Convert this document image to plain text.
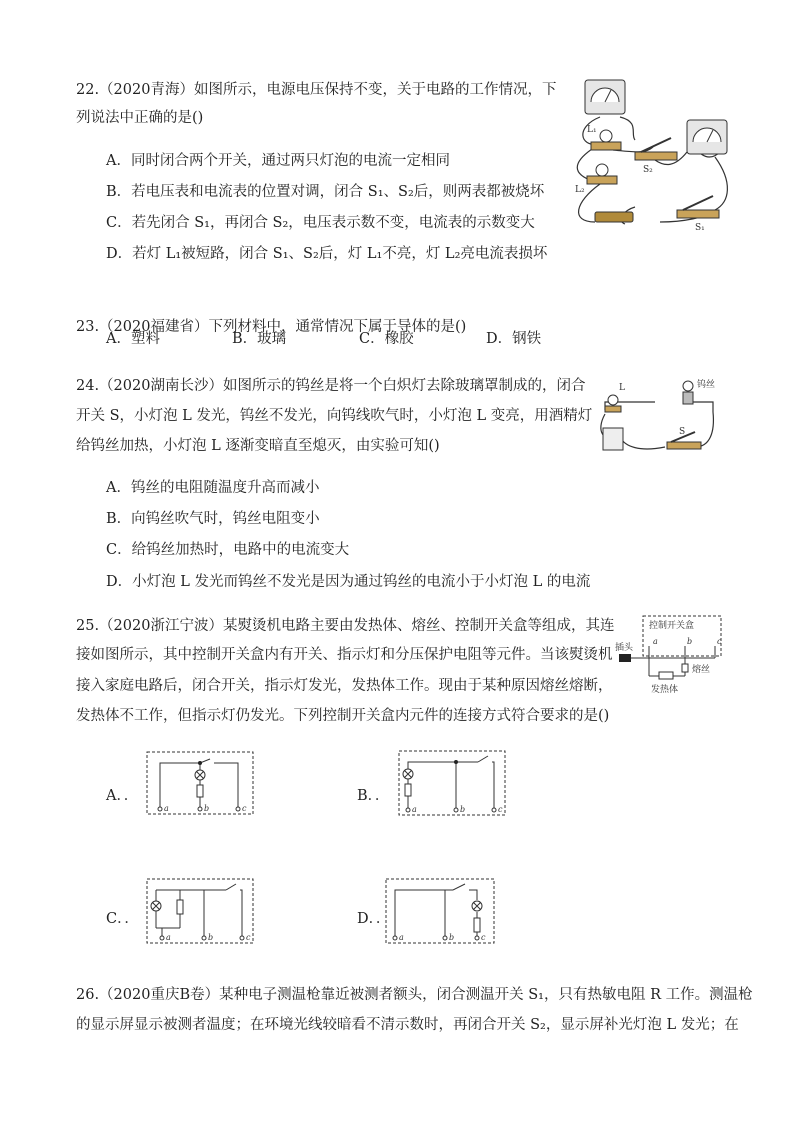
22.（2020青海）如图所示，电源电压保持不变，关于电路的工作情况，下
列说法中正确的是()
A．同时闭合两个开关，通过两只灯泡的电流一定相同
B．若电压表和电流表的位置对调，闭合 S₁、S₂后，则两表都被烧坏
C．若先闭合 S₁，再闭合 S₂，电压表示数不变，电流表的示数变大
D．若灯 L₁被短路，闭合 S₁、S₂后，灯 L₁不亮，灯 L₂亮电流表损坏
L₁
L₂
S₂
S₁
23.（2020福建省）下列材料中，通常情况下属于导体的是()
A．塑料	B．玻璃	C．橡胶	D．钢铁
24.（2020湖南长沙）如图所示的钨丝是将一个白炽灯去除玻璃罩制成的，闭合
开关 S，小灯泡 L 发光，钨丝不发光，向钨线吹气时，小灯泡 L 变亮，用酒精灯
给钨丝加热，小灯泡 L 逐渐变暗直至熄灭，由实验可知()
A．钨丝的电阻随温度升高而减小
B．向钨丝吹气时，钨丝电阻变小
C．给钨丝加热时，电路中的电流变大
D．小灯泡 L 发光而钨丝不发光是因为通过钨丝的电流小于小灯泡 L 的电流
L	钨丝
S
25.（2020浙江宁波）某熨烫机电路主要由发热体、熔丝、控制开关盒等组成，其连
接如图所示，其中控制开关盒内有开关、指示灯和分压保护电阻等元件。当该熨烫机
接入家庭电路后，闭合开关，指示灯发光，发热体工作。现由于某种原因熔丝熔断，
发热体不工作，但指示灯仍发光。下列控制开关盒内元件的连接方式符合要求的是()
控制开关盒
插头
熔丝
发热体
a	b	c
A．．
a	b	c
B．．
a	b	c
C．．
a	b	c
D．．
a	b	c
26.（2020重庆B卷）某种电子测温枪靠近被测者额头，闭合测温开关 S₁，只有热敏电阻 R 工作。测温枪
的显示屏显示被测者温度；在环境光线较暗看不清示数时，再闭合开关 S₂，显示屏补光灯泡 L 发光；在
